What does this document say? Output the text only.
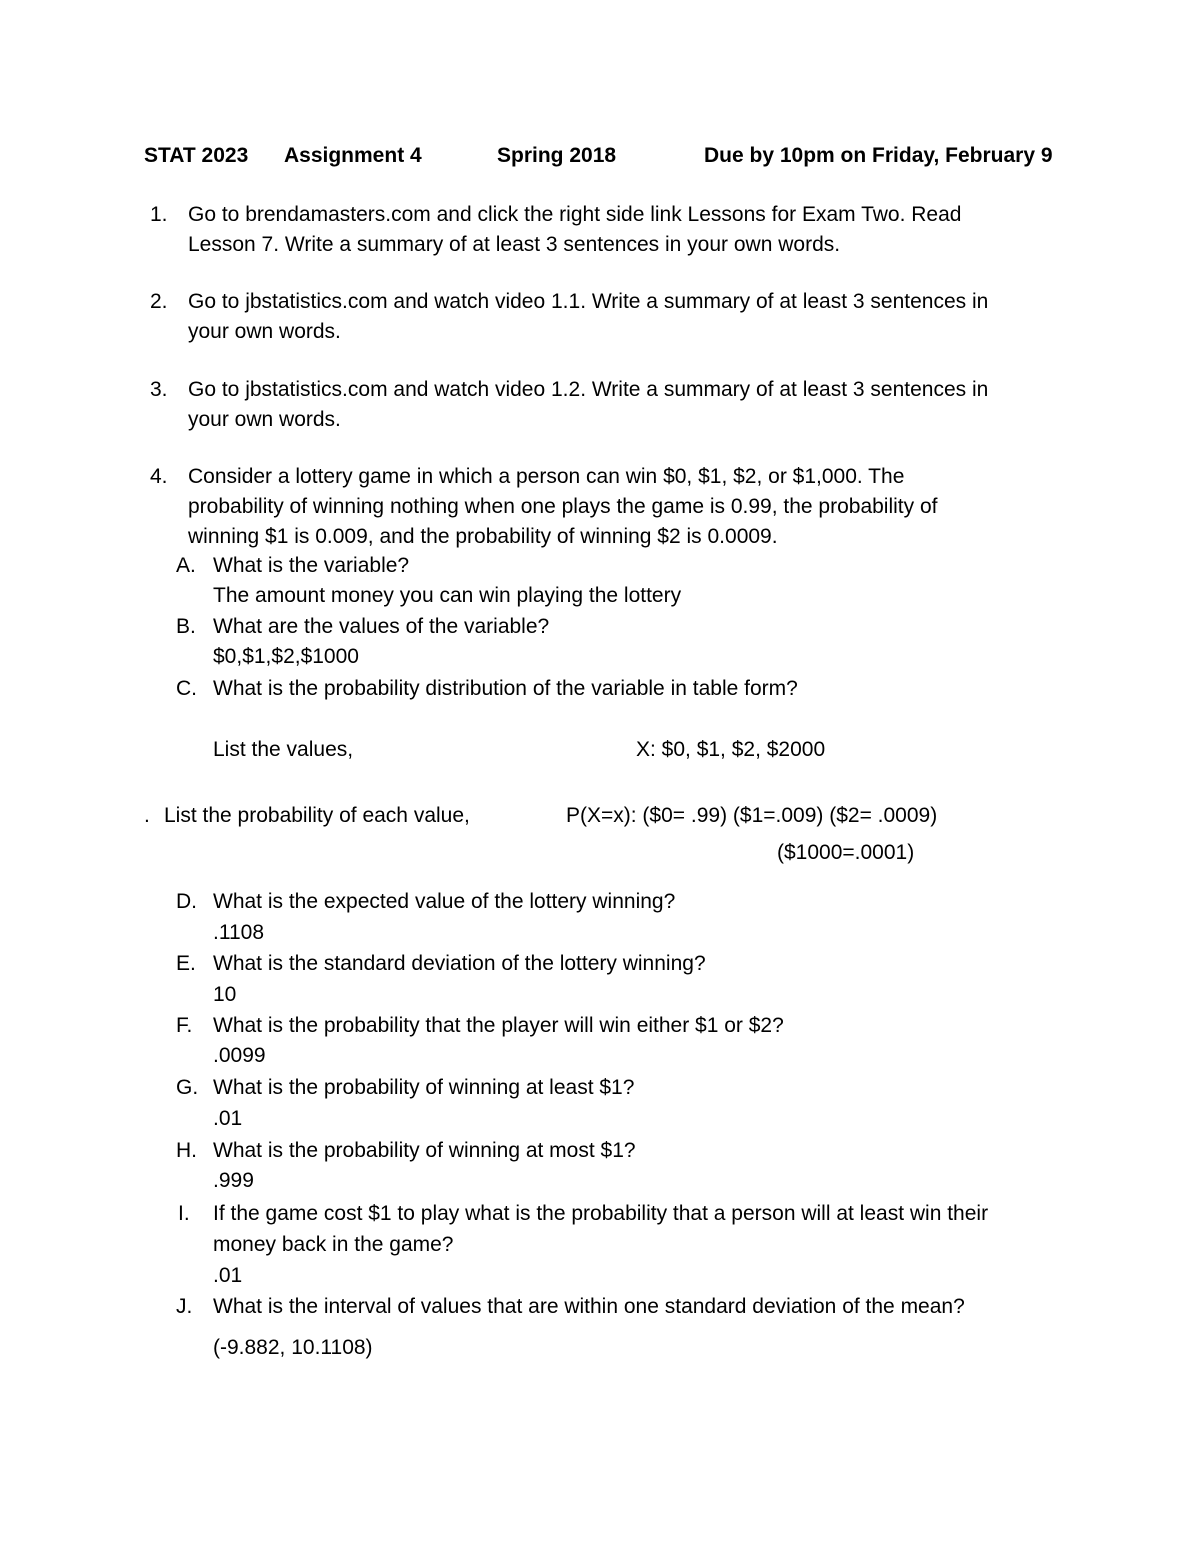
STAT 2023 Assignment 4	Spring 2018	Due by 10pm on Friday, February 9
1. Go to brendamasters.com and click the right side link Lessons for Exam Two. Read
Lesson 7. Write a summary of at least 3 sentences in your own words.
2. Go to jbstatistics.com and watch video 1.1. Write a summary of at least 3 sentences in
your own words.
3. Go to jbstatistics.com and watch video 1.2. Write a summary of at least 3 sentences in
your own words.
4. Consider a lottery game in which a person can win $0, $1, $2, or $1,000. The
probability of winning nothing when one plays the game is 0.99, the probability of
winning $1 is 0.009, and the probability of winning $2 is 0.0009.
A. What is the variable?
The amount money you can win playing the lottery
B. What are the values of the variable?
$0,$1,$2,$1000
C. What is the probability distribution of the variable in table form?
List the values,	X: $0, $1, $2, $2000
. List the probability of each value,	P(X=x): ($0= .99) ($1=.009) ($2= .0009)
($1000=.0001)
D. What is the expected value of the lottery winning?
.1108
E. What is the standard deviation of the lottery winning?
10
F. What is the probability that the player will win either $1 or $2?
.0099
G. What is the probability of winning at least $1?
.01
H. What is the probability of winning at most $1?
.999
I. If the game cost $1 to play what is the probability that a person will at least win their
money back in the game?
.01
J. What is the interval of values that are within one standard deviation of the mean?
(-9.882, 10.1108)
